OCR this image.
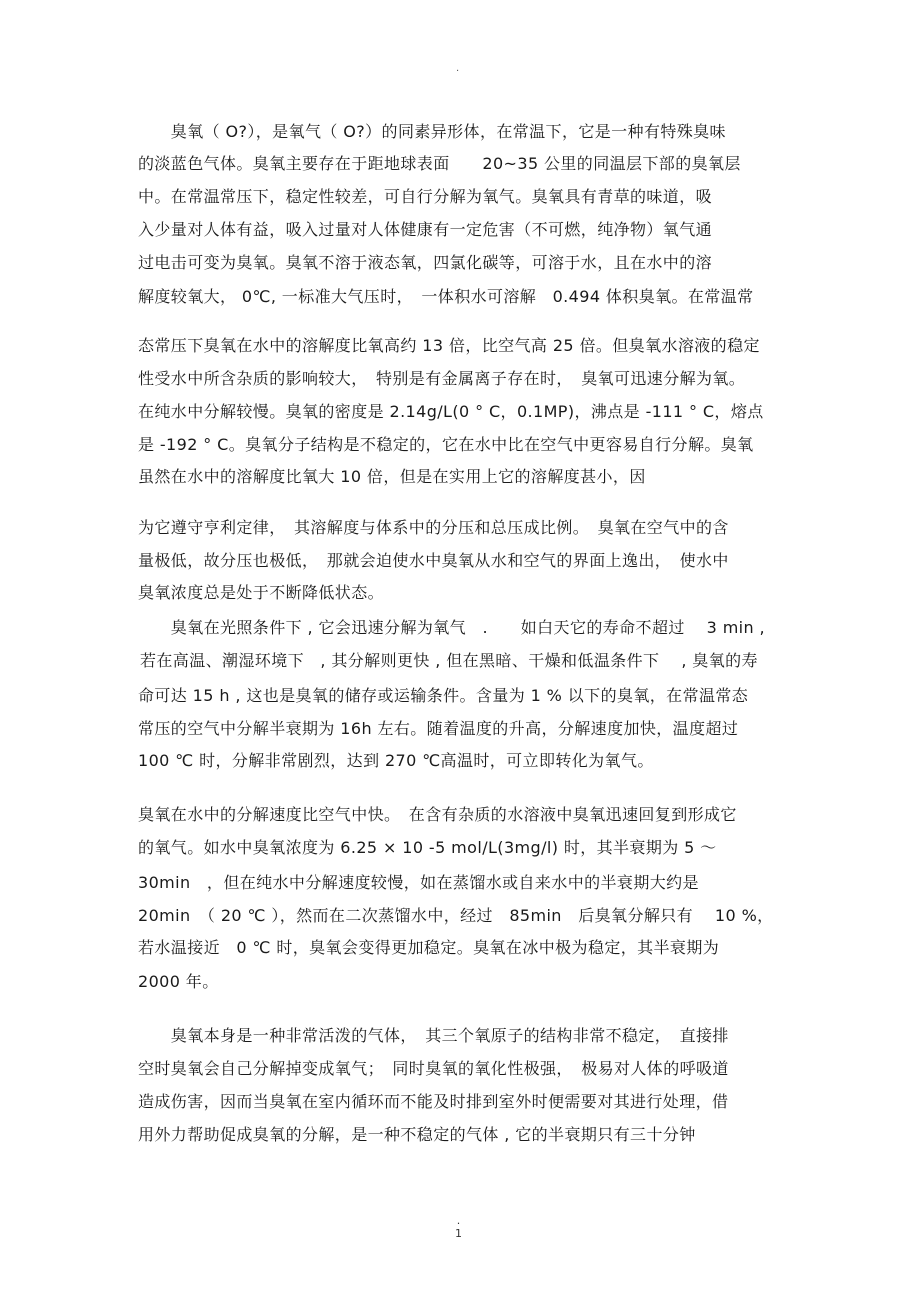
.
　　臭氧（ O?），是氧气（ O?）的同素异形体，在常温下，它是一种有特殊臭味
的淡蓝色气体。臭氧主要存在于距地球表面　　20~35 公里的同温层下部的臭氧层
中。在常温常压下，稳定性较差，可自行分解为氧气。臭氧具有青草的味道，吸
入少量对人体有益，吸入过量对人体健康有一定危害（不可燃，纯净物）氧气通
过电击可变为臭氧。臭氧不溶于液态氧，四氯化碳等，可溶于水，且在水中的溶
解度较氧大， 0℃, 一标准大气压时，　一体积水可溶解　0.494 体积臭氧。在常温常
态常压下臭氧在水中的溶解度比氧高约 13 倍，比空气高 25 倍。但臭氧水溶液的稳定
性受水中所含杂质的影响较大，　特别是有金属离子存在时，　臭氧可迅速分解为氧。
在纯水中分解较慢。臭氧的密度是 2.14g/L(0 ° C，0.1MP)，沸点是 -111 ° C，熔点
是 -192 ° C。臭氧分子结构是不稳定的，它在水中比在空气中更容易自行分解。臭氧
虽然在水中的溶解度比氧大 10 倍，但是在实用上它的溶解度甚小，因
为它遵守亨利定律，　其溶解度与体系中的分压和总压成比例。　臭氧在空气中的含
量极低，故分压也极低，　那就会迫使水中臭氧从水和空气的界面上逸出，　使水中
臭氧浓度总是处于不断降低状态。
　　臭氧在光照条件下 , 它会迅速分解为氧气　.　　如白天它的寿命不超过　 3 min ,
若在高温、潮湿环境下　, 其分解则更快 , 但在黑暗、干燥和低温条件下　 , 臭氧的寿
命可达 15 h , 这也是臭氧的储存或运输条件。含量为 1 % 以下的臭氧，在常温常态
常压的空气中分解半衰期为 16h 左右。随着温度的升高，分解速度加快，温度超过
100 ℃ 时，分解非常剧烈，达到 270 ℃高温时，可立即转化为氧气。
臭氧在水中的分解速度比空气中快。　在含有杂质的水溶液中臭氧迅速回复到形成它
的氧气。如水中臭氧浓度为 6.25 × 10 -5 mol/L(3mg/l) 时，其半衰期为 5 ～
30min　，但在纯水中分解速度较慢，如在蒸馏水或自来水中的半衰期大约是
20min　（ 20 ℃ ），然而在二次蒸馏水中，经过　85min　后臭氧分解只有　 10 %，
若水温接近　0 ℃ 时，臭氧会变得更加稳定。臭氧在冰中极为稳定，其半衰期为
2000 年。
　　臭氧本身是一种非常活泼的气体，　其三个氧原子的结构非常不稳定，　直接排
空时臭氧会自己分解掉变成氧气；　同时臭氧的氧化性极强，　极易对人体的呼吸道
造成伤害，因而当臭氧在室内循环而不能及时排到室外时便需要对其进行处理，借
用外力帮助促成臭氧的分解，是一种不稳定的气体 , 它的半衰期只有三十分钟
.
1
